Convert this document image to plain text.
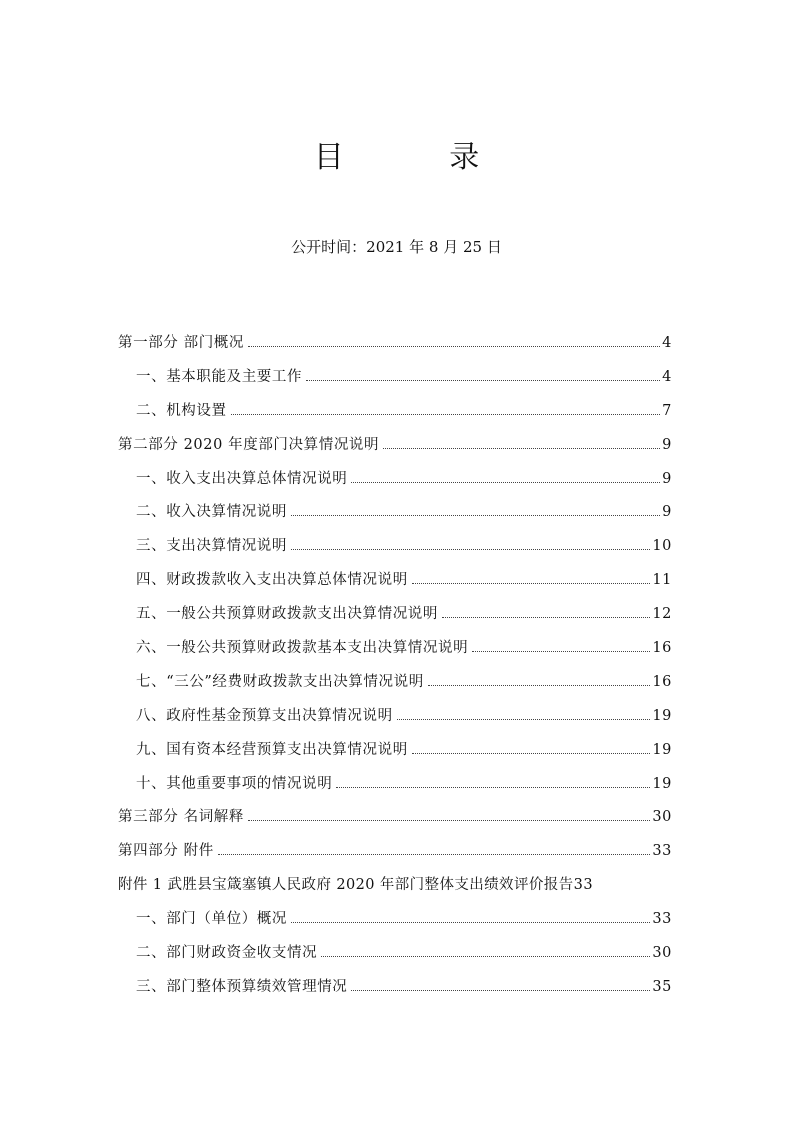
目 录
公开时间：2021 年 8 月 25 日
第一部分 部门概况	4
一、基本职能及主要工作	4
二、机构设置	7
第二部分 2020 年度部门决算情况说明	9
一、收入支出决算总体情况说明	9
二、收入决算情况说明	9
三、支出决算情况说明	10
四、财政拨款收入支出决算总体情况说明	11
五、一般公共预算财政拨款支出决算情况说明	12
六、一般公共预算财政拨款基本支出决算情况说明	16
七、“三公”经费财政拨款支出决算情况说明	16
八、政府性基金预算支出决算情况说明	19
九、国有资本经营预算支出决算情况说明	19
十、其他重要事项的情况说明	19
第三部分 名词解释	30
第四部分 附件	33
附件 1 武胜县宝箴塞镇人民政府 2020 年部门整体支出绩效评价报告 33
一、部门（单位）概况	33
二、部门财政资金收支情况	30
三、部门整体预算绩效管理情况	35
